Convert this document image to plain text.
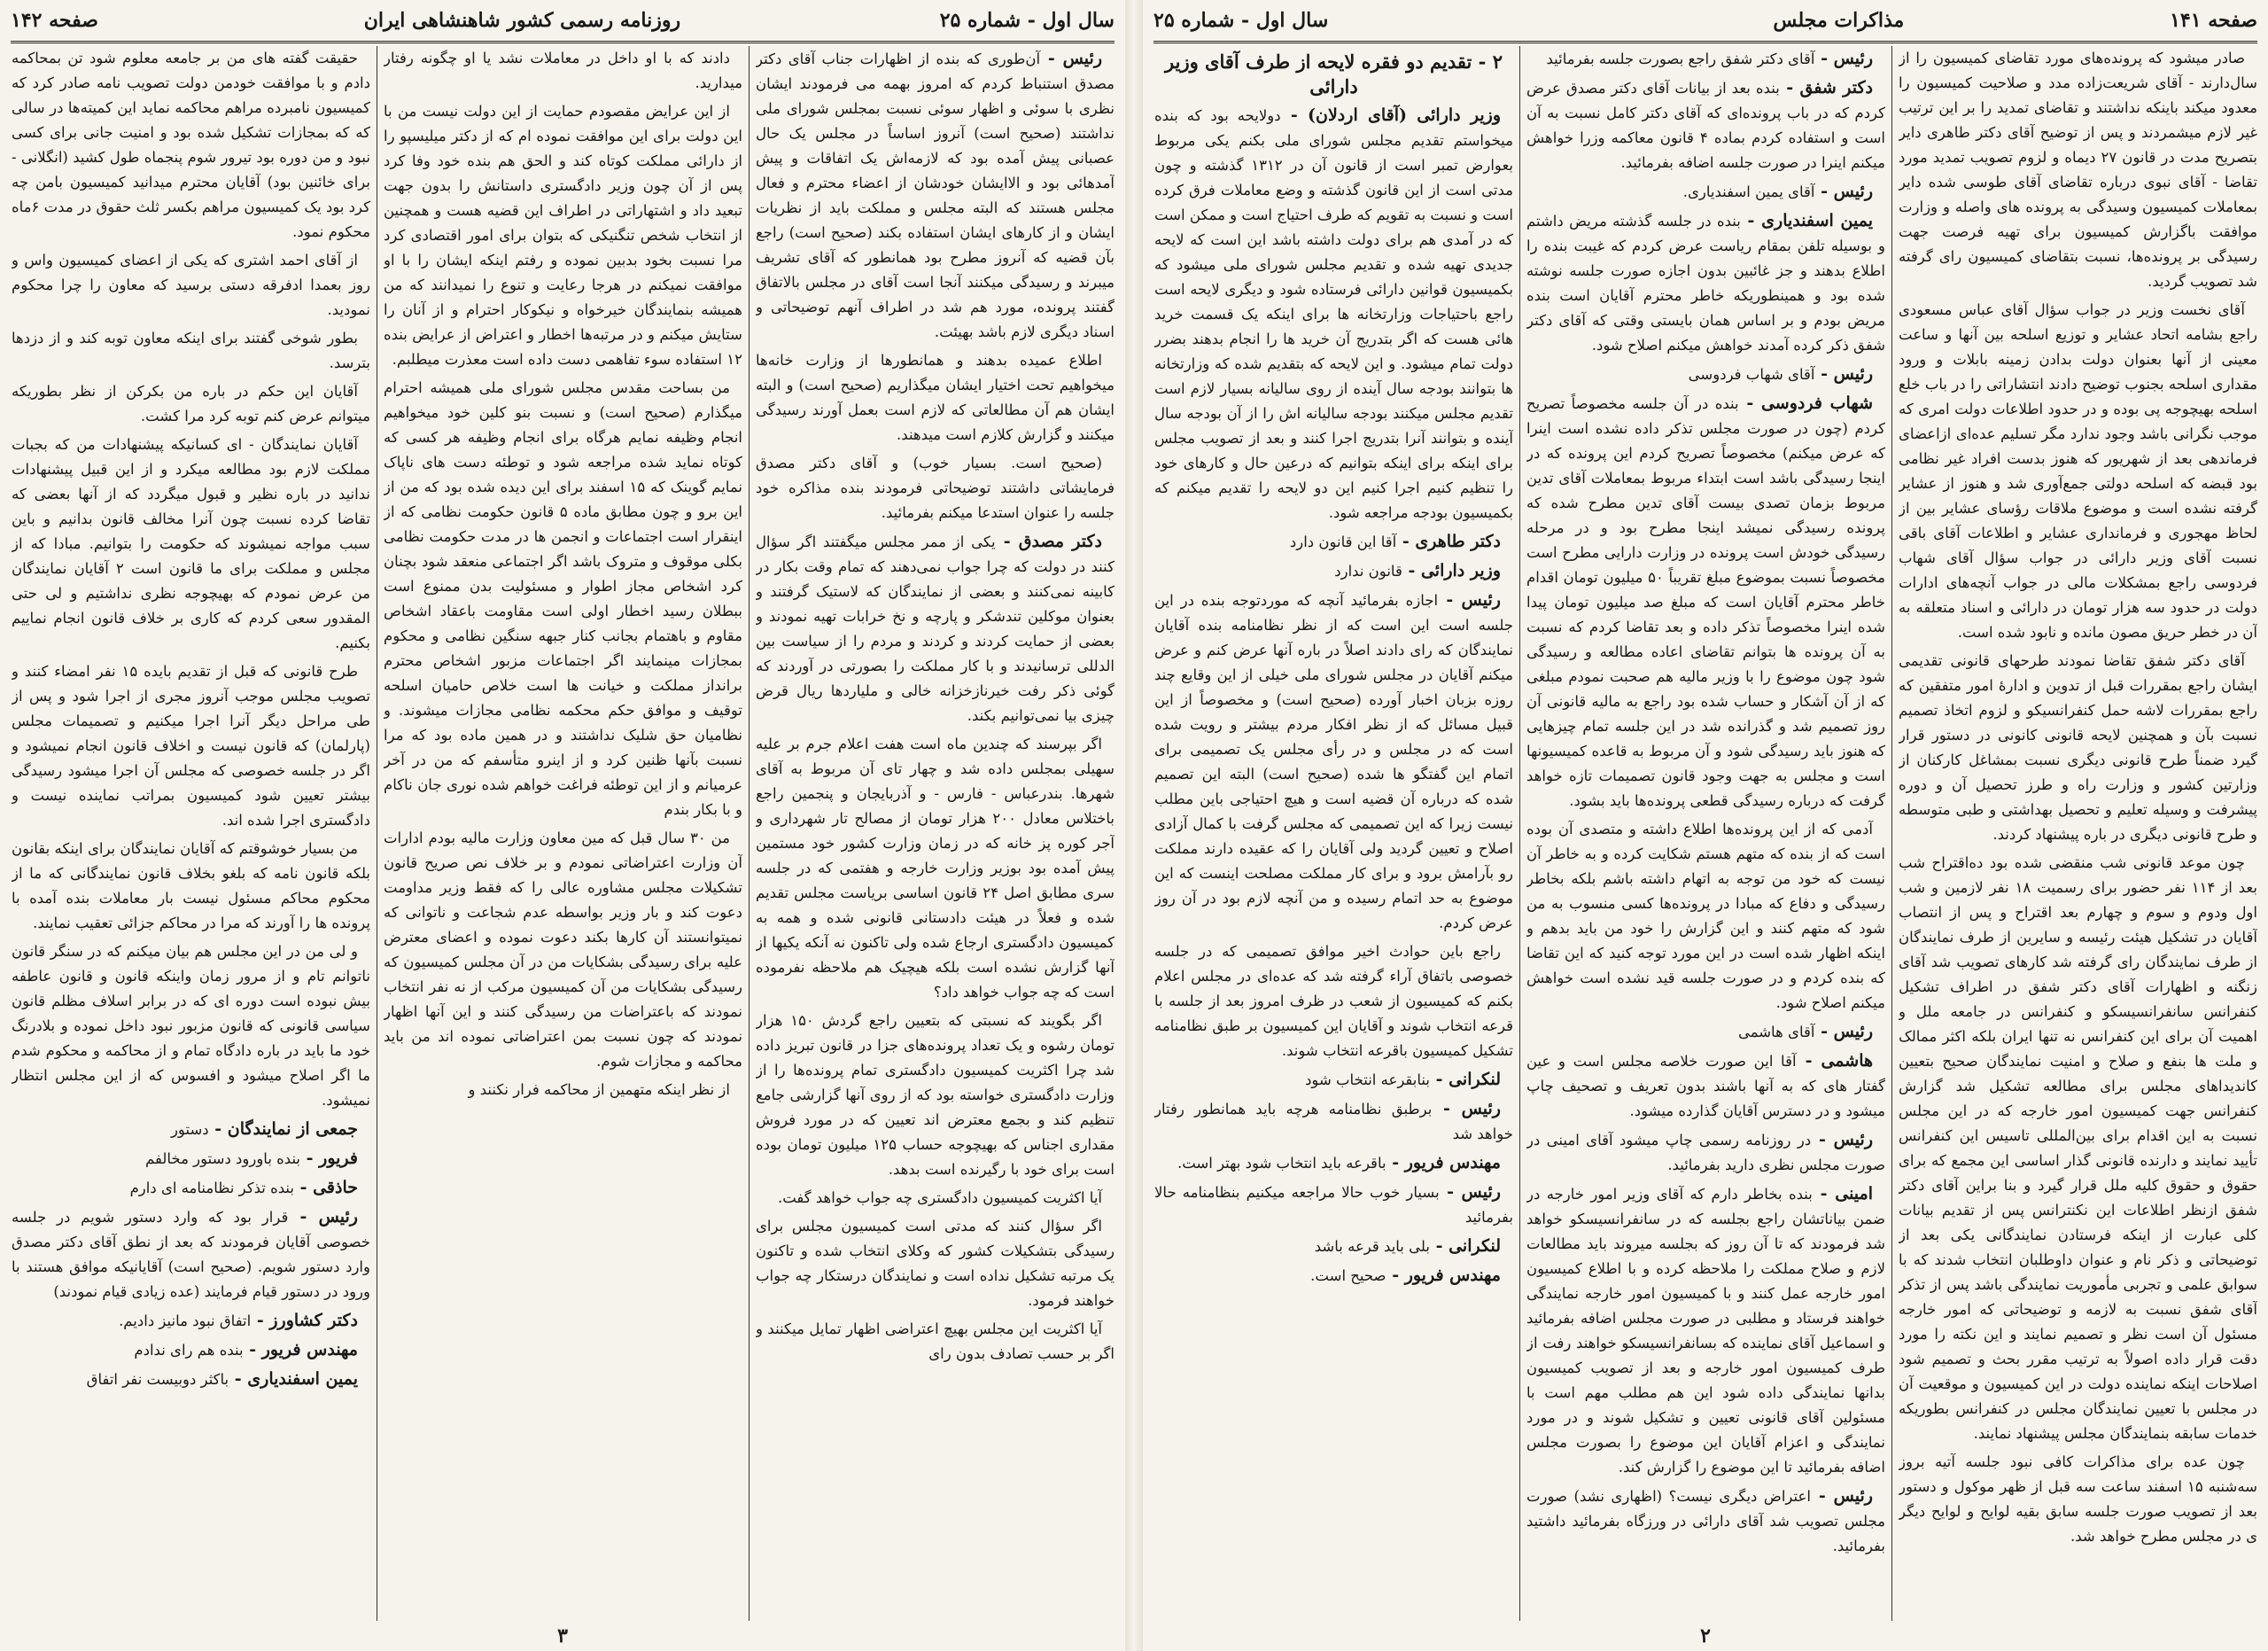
سال اول - شماره ۲۵
روزنامه رسمی کشور شاهنشاهی ایران
صفحه ۱۴۲

رئیس - آن‌طوری که بنده از اظهارات جناب آقای دکتر مصدق استنباط کردم که امروز بهمه می فرمودند ایشان نظری با سوئی و اظهار سوئی نسبت بمجلس شورای ملی نداشتند (صحیح است) آنروز اساساً در مجلس یک حال عصبانی پیش آمده بود که لازمه‌اش یک اتفاقات و پیش آمدهائی بود و الاایشان خودشان از اعضاء محترم و فعال مجلس هستند که البته مجلس و مملکت باید از نظریات ایشان و از کارهای ایشان استفاده بکند (صحیح است) راجع بآن قضیه که آنروز مطرح بود همانطور که آقای تشریف میبرند و رسیدگی میکنند آنجا است آقای در مجلس بالاتفاق گفتند پرونده، مورد هم شد در اطراف آنهم توضیحاتی و اسناد دیگری لازم باشد بهیئت.

اطلاع عمیده بدهند و همانطورها از وزارت خانه‌ها میخواهیم تحت اختیار ایشان میگذاریم (صحیح است) و البته ایشان هم آن مطالعاتی که لازم است بعمل آورند رسیدگی میکنند و گزارش کلازم است میدهند.

(صحیح است. بسیار خوب) و آقای دکتر مصدق فرمایشاتی داشتند توضیحاتی فرمودند بنده مذاکره خود جلسه را عنوان استدعا میکنم بفرمائید.

دکتر مصدق - یکی از ممر مجلس میگفتند اگر سؤال کنند در دولت که چرا جواب نمی‌دهند که تمام وقت بکار در کابینه نمی‌کنند و بعضی از نمایندگان که لاستیک گرفتند و بعنوان موکلین تندشکر و پارچه و نخ خرابات تهیه نمودند و بعضی از حمایت کردند و کردند و مردم را از سیاست بین الدللی ترسانیدند و با کار مملکت را بصورتی در آوردند که گوئی ذکر رفت خیرنازخزانه خالی و ملیاردها ریال قرض چیزی بیا نمی‌توانیم بکند.

اگر بپرسند که چندین ماه است هفت اعلام جرم بر علیه سهیلی بمجلس داده شد و چهار تای آن مربوط به آقای شهرها. بندرعباس - فارس - و آذربایجان و پنجمین راجع باختلاس معادل ۲۰۰ هزار تومان از مصالح تار شهرداری و آجر کوره پز خانه که در زمان وزارت کشور خود مستمین پیش آمده بود بوزیر وزارت خارجه و هفتمی که در جلسه سری مطابق اصل ۲۴ قانون اساسی بریاست مجلس تقدیم شده و فعلاً در هیئت دادستانی قانونی شده و همه به کمیسیون دادگستری ارجاع شده ولی تاکنون نه آنکه یکیها از آنها گزارش نشده است بلکه هیچیک هم ملاحظه نفرموده است که چه جواب خواهد داد؟

اگر بگویند که نسبتی که بتعیین راجع گردش ۱۵۰ هزار تومان رشوه و یک تعداد پرونده‌های جزا در قانون تبریز داده شد چرا اکثریت کمیسیون دادگستری تمام پرونده‌ها را از وزارت دادگستری خواسته بود که از روی آنها گزارشی جامع تنظیم کند و بجمع معترض اند تعیین که در مورد فروش مقداری اجناس که بهیچوجه حساب ۱۲۵ میلیون تومان بوده است برای خود با رگیرنده است بدهد.

آیا اکثریت کمیسیون دادگستری چه جواب خواهد گفت.

اگر سؤال کنند که مدتی است کمیسیون مجلس برای رسیدگی بتشکیلات کشور که وکلای انتخاب شده و تاکنون یک مرتبه تشکیل نداده است و نمایندگان درستکار چه جواب خواهند فرمود.

آیا اکثریت این مجلس بهیچ اعتراضی اظهار تمایل میکنند و اگر بر حسب تصادف بدون رای

دادند که با او داخل در معاملات نشد یا او چگونه رفتار میدارید.

از این عرایض مقصودم حمایت از این دولت نیست من با این دولت برای این موافقت نموده ام که از دکتر میلیسپو را از دارائی مملکت کوتاه کند و الحق هم بنده خود وفا کرد پس از آن چون وزیر دادگستری داستانش را بدون جهت تبعید داد و اشتهاراتی در اطراف این قضیه هست و همچنین از انتخاب شخص تنگنیکی که بتوان برای امور اقتصادی کرد مرا نسبت بخود بدبین نموده و رفتم اینکه ایشان را با او موافقت نمیکنم در هرجا رعایت و تنوع را نمیدانند که من همیشه بنمایندگان خیرخواه و نیکوکار احترام و از آنان را ستایش میکنم و در مرتبه‌ها اخطار و اعتراض از عرایض بنده ۱۲ استفاده سوء تفاهمی دست داده است معذرت میطلبم.

من بساحت مقدس مجلس شورای ملی همیشه احترام میگذارم (صحیح است) و نسبت بنو کلین خود میخواهیم انجام وظیفه نمایم هرگاه برای انجام وظیفه هر کسی که کوتاه نماید شده مراجعه شود و توطئه دست های ناپاک نمایم گوینک که ۱۵ اسفند برای این دیده شده بود که من از این برو و چون مطابق ماده ۵ قانون حکومت نظامی که از اینقرار است اجتماعات و انجمن ها در مدت حکومت نظامی بکلی موقوف و متروک باشد اگر اجتماعی منعقد شود بچنان کرد اشخاص مجاز اطوار و مسئولیت بدن ممنوع است ببطلان رسید اخطار اولی است مقاومت باعقاد اشخاص مقاوم و باهتمام بجانب کنار جبهه سنگین نظامی و محکوم بمجازات مینمایند اگر اجتماعات مزبور اشخاص محترم برانداز مملکت و خیانت ها است خلاص حامیان اسلحه توقیف و موافق حکم محکمه نظامی مجازات میشوند. و نظامیان حق شلیک نداشتند و در همین ماده بود که مرا نسبت بآنها ظنین کرد و از اینرو متأسفم که من در آخر عرمیانم و از این توطئه فراغت خواهم شده نوری جان ناکام و با بکار بندم

من ۳۰ سال قبل که مین معاون وزارت مالیه بودم ادارات آن وزارت اعتراضاتی نمودم و بر خلاف نص صریح قانون تشکیلات مجلس مشاوره عالی را که فقط وزیر مداومت دعوت کند و بار وزیر بواسطه عدم شجاعت و ناتوانی که نمیتوانستند آن کارها بکند دعوت نموده و اعضای معترض علیه برای رسیدگی بشکایات من در آن مجلس کمیسیون که رسیدگی بشکایات من آن کمیسیون مرکب از نه نفر انتخاب نمودند که باعتراضات من رسیدگی کنند و این آنها اظهار نمودند که چون نسبت بمن اعتراضاتی نموده اند من باید محاکمه و مجازات شوم.

از نظر اینکه متهمین از محاکمه فرار نکنند و

حقیقت گفته های من بر جامعه معلوم شود تن بمحاکمه دادم و با موافقت خودمن دولت تصویب نامه صادر کرد که کمیسیون نامبرده مراهم محاکمه نماید این کمیته‌ها در سالی که که بمجازات تشکیل شده بود و امنیت جانی برای کسی نبود و من دوره بود تیرور شوم پنجماه طول کشید (انگلانی - برای خائنین بود) آقایان محترم میدانید کمیسیون بامن چه کرد بود یک کمیسیون مراهم بکسر ثلث حقوق در مدت ۶ماه محکوم نمود.

از آقای احمد اشتری که یکی از اعضای کمیسیون واس و روز بعمدا ادفرقه دستی برسید که معاون را چرا محکوم نمودید.

بطور شوخی گفتند برای اینکه معاون توبه کند و از دزدها بترسد.

آقایان این حکم در باره من بکرکن از نظر بطوریکه میتوانم عرض کنم توبه کرد مرا کشت.

آقایان نمایندگان - ای کسانیکه پیشنهادات من که بجبات مملکت لازم بود مطالعه میکرد و از این قبیل پیشنهادات ندانید در باره نظیر و قبول میگردد که از آنها بعضی که تقاضا کرده نسبت چون آنرا مخالف قانون بدانیم و باین سبب مواجه نمیشوند که حکومت را بتوانیم. مبادا که از مجلس و مملکت برای ما قانون است ۲ آقایان نمایندگان من عرض نمودم که بهیچوجه نظری نداشتیم و لی حتی المقدور سعی کردم که کاری بر خلاف قانون انجام نماییم بکنیم.

طرح قانونی که قبل از تقدیم بایده ۱۵ نفر امضاء کنند و تصویب مجلس موجب آنروز مجری از اجرا شود و پس از طی مراحل دیگر آنرا اجرا میکنیم و تصمیمات مجلس (پارلمان) که قانون نیست و اخلاف قانون انجام نمیشود و اگر در جلسه خصوصی که مجلس آن اجرا میشود رسیدگی بیشتر تعیین شود کمیسیون بمراتب نماینده نیست و دادگستری اجرا شده اند.

من بسیار خوشوقتم که آقایان نمایندگان برای اینکه بقانون بلکه قانون نامه که بلغو بخلاف قانون نمایندگانی که ما از محکوم محاکم مسئول نیست بار معاملات بنده آمده با پرونده ها را آورند که مرا در محاکم جزائی تعقیب نمایند.

و لی من در این مجلس هم بیان میکنم که در سنگر قانون ناتوانم تام و از مرور زمان واینکه قانون و قانون عاطفه بیش نبوده است دوره ای که در برابر اسلاف مظلم قانون سیاسی قانونی که قانون مزبور نبود داخل نموده و بلادرنگ خود ما باید در باره دادگاه تمام و از محاکمه و محکوم شدم ما اگر اصلاح میشود و افسوس که از این مجلس انتظار نمیشود.

جمعی از نمایندگان - دستور

فریور - بنده باورود دستور مخالفم

حاذقی - بنده تذکر نظامنامه ای دارم

رئیس - قرار بود که وارد دستور شویم در جلسه خصوصی آقایان فرمودند که بعد از نطق آقای دکتر مصدق وارد دستور شویم. (صحیح است) آقایانیکه موافق هستند با ورود در دستور قیام فرمایند (عده زیادی قیام نمودند)

دکتر کشاورز - اتفاق نبود مانیز دادیم.

مهندس فریور - بنده هم رای ندادم

یمین اسفندیاری - باکثر دوبیست نفر اتفاق

۳
صفحه ۱۴۱
مذاکرات مجلس
سال اول - شماره ۲۵

صادر میشود که پرونده‌های مورد تقاضای کمیسیون را از سال‌دارند - آقای شریعت‌زاده مدد و صلاحیت کمیسیون را معدود میکند باینکه نداشتند و تقاضای تمدید را بر این ترتیب غیر لازم میشمردند و پس از توضیح آقای دکتر طاهری دایر بتصریح مدت در قانون ۲۷ دیماه و لزوم تصویب تمدید مورد تقاضا - آقای نبوی درباره تقاضای آقای طوسی شده دایر بمعاملات کمیسیون وسیدگی به پرونده های واصله و وزارت موافقت باگزارش کمیسیون برای تهیه فرصت جهت رسیدگی بر پرونده‌ها، نسبت بتقاضای کمیسیون رای گرفته شد تصویب گردید.

آقای نخست وزیر در جواب سؤال آقای عباس مسعودی راجع بشامه اتحاد عشایر و توزیع اسلحه بین آنها و ساعت معینی از آنها بعنوان دولت بدادن زمینه بابلات و ورود مقداری اسلحه بجنوب توضیح دادند انتشاراتی را در باب خلع اسلحه بهیچوجه پی بوده و در حدود اطلاعات دولت امری که موجب نگرانی باشد وجود ندارد مگر تسلیم عده‌ای ازاعضای فرماندهی بعد از شهریور که هنوز بدست افراد غیر نظامی بود قبضه که اسلحه دولتی جمع‌آوری شد و هنوز از عشایر گرفته نشده است و موضوع ملاقات رؤسای عشایر بین از لحاظ مهجوری و فرمانداری عشایر و اطلاعات آقای باقی نسبت آقای وزیر دارائی در جواب سؤال آقای شهاب فردوسی راجع بمشکلات مالی در جواب آنچه‌های ادارات دولت در حدود سه هزار تومان در دارائی و اسناد متعلقه به آن در خطر حریق مصون مانده و نابود شده است.

آقای دکتر شفق تقاضا نمودند طرحهای قانونی تقدیمی ایشان راجع بمقررات قبل از تدوین و ادارهٔ امور متفقین که راجع بمقررات لاشه حمل کنفرانسیکو و لزوم اتخاذ تصمیم نسبت بآن و همچنین لایحه قانونی کانونی در دستور قرار گیرد ضمناً طرح قانونی دیگری نسبت بمشاغل کارکنان از وزارتین کشور و وزارت راه و طرز تحصیل آن و دوره پیشرفت و وسیله تعلیم و تحصیل بهداشتی و طبی متوسطه و طرح قانونی دیگری در باره پیشنهاد کردند.

چون موعد قانونی شب منقضی شده بود ده‌اقتراح شب بعد از ۱۱۴ نفر حضور برای رسمیت ۱۸ نفر لازمین و شب اول ودوم و سوم و چهارم بعد اقتراح و پس از انتصاب آقایان در تشکیل هیئت رئیسه و سایرین از طرف نمایندگان از طرف نمایندگان رای گرفته شد کارهای تصویب شد آقای زنگنه و اظهارات آقای دکتر شفق در اطراف تشکیل کنفرانس سانفرانسیسکو و کنفرانس در جامعه ملل و اهمیت آن برای این کنفرانس نه تنها ایران بلکه اکثر ممالک و ملت ها بنفع و صلاح و امنیت نمایندگان صحیح بتعیین کاندیداهای مجلس برای مطالعه تشکیل شد گزارش کنفرانس جهت کمیسیون امور خارجه که در این مجلس نسبت به این اقدام برای بین‌المللی تاسیس این کنفرانس تأیید نمایند و دارنده قانونی گذار اساسی این مجمع که برای حقوق و حقوق کلیه ملل قرار گیرد و بنا براین آقای دکتر شفق ازنظر اطلاعات این نکنترانس پس از تقدیم بیانات کلی عبارت از اینکه فرستادن نمایندگانی یکی بعد از توضیحاتی و ذکر نام و عنوان داوطلبان انتخاب شدند که با سوابق علمی و تجربی مأموریت نمایندگی باشد پس از تذکر آقای شفق نسبت به لازمه و توضیحاتی که امور خارجه مسئول آن است نظر و تصمیم نمایند و این نکته را مورد دقت قرار داده اصولاً به ترتیب مقرر بحث و تصمیم شود اصلاحات اینکه نماینده دولت در این کمیسیون و موقعیت آن در مجلس با تعیین نمایندگان مجلس در کنفرانس بطوریکه خدمات سابقه بنمایندگان مجلس پیشنهاد نمایند.

چون عده برای مذاکرات کافی نبود جلسه آتیه بروز سه‌شنبه ۱۵ اسفند ساعت سه قبل از ظهر موکول و دستور بعد از تصویب صورت جلسه سابق بقیه لوایح و لوایح دیگر ی در مجلس مطرح خواهد شد.

رئیس - آقای دکتر شفق راجع بصورت جلسه بفرمائید

دکتر شفق - بنده بعد از بیانات آقای دکتر مصدق عرض کردم که در باب پرونده‌ای که آقای دکتر کامل نسبت به آن است و استفاده کردم بماده ۴ قانون معاکمه وزرا خواهش میکنم اینرا در صورت جلسه اضافه بفرمائید.

رئیس - آقای یمین اسفندیاری.

یمین اسفندیاری - بنده در جلسه گذشته مریض داشتم و بوسیله تلفن بمقام ریاست عرض کردم که غیبت بنده را اطلاع بدهند و جز غائبین بدون اجازه صورت جلسه نوشته شده بود و همینطوریکه خاطر محترم آقایان است بنده مریض بودم و بر اساس همان بایستی وقتی که آقای دکتر شفق ذکر کرده آمدند خواهش میکنم اصلاح شود.

رئیس - آقای شهاب فردوسی

شهاب فردوسی - بنده در آن جلسه مخصوصاً تصریح کردم (چون در صورت مجلس تذکر داده نشده است اینرا که عرض میکنم) مخصوصاً تصریح کردم این پرونده که در اینجا رسیدگی باشد است ابتداء مربوط بمعاملات آقای تدین مربوط بزمان تصدی بیست آقای تدین مطرح شده که پرونده رسیدگی نمیشد اینجا مطرح بود و در مرحله رسیدگی خودش است پرونده در وزارت دارایی مطرح است مخصوصاً نسبت بموضوع مبلغ تقریباً ۵۰ میلیون تومان اقدام خاطر محترم آقایان است که مبلغ صد میلیون تومان پیدا شده اینرا مخصوصاً تذکر داده و بعد تقاضا کردم که نسبت به آن پرونده ها بتوانم تقاضای اعاده مطالعه و رسیدگی شود چون موضوع را با وزیر مالیه هم صحبت نمودم مبلغی که از آن آشکار و حساب شده بود راجع به مالیه قانونی آن روز تصمیم شد و گذرانده شد در این جلسه تمام چیزهایی که هنوز باید رسیدگی شود و آن مربوط به قاعده کمیسیونها است و مجلس به جهت وجود قانون تصمیمات تازه خواهد گرفت که درباره رسیدگی قطعی پرونده‌ها باید بشود.

آدمی که از این پرونده‌ها اطلاع داشته و متصدی آن بوده است که از بنده که متهم هستم شکایت کرده و به خاطر آن نیست که خود من توجه به اتهام داشته باشم بلکه بخاطر رسیدگی و دفاع که مبادا در پرونده‌ها کسی منسوب به من شود که متهم کنند و این گزارش را خود من باید بدهم و اینکه اظهار شده است در این مورد توجه کنید که این تقاضا که بنده کردم و در صورت جلسه قید نشده است خواهش میکنم اصلاح شود.

رئیس - آقای هاشمی

هاشمی - آقا این صورت خلاصه مجلس است و عین گفتار های که به آنها باشند بدون تعریف و تصحیف چاپ میشود و در دسترس آقایان گذارده میشود.

رئیس - در روزنامه رسمی چاپ میشود آقای امینی در صورت مجلس نظری دارید بفرمائید.

امینی - بنده بخاطر دارم که آقای وزیر امور خارجه در ضمن بیاناتشان راجع بجلسه که در سانفرانسیسکو خواهد شد فرمودند که تا آن روز که بجلسه میروند باید مطالعات لازم و صلاح مملکت را ملاحظه کرده و با اطلاع کمیسیون امور خارجه عمل کنند و با کمیسیون امور خارجه نمایندگی خواهند فرستاد و مطلبی در صورت مجلس اضافه بفرمائید و اسماعیل آقای نماینده که بسانفرانسیسکو خواهند رفت از طرف کمیسیون امور خارجه و بعد از تصویب کمیسیون بدانها نمایندگی داده شود این هم مطلب مهم است با مسئولین آقای قانونی تعیین و تشکیل شوند و در مورد نمایندگی و اعزام آقایان این موضوع را بصورت مجلس اضافه بفرمائید تا این موضوع را گزارش کند.

رئیس - اعتراض دیگری نیست؟ (اظهاری نشد) صورت مجلس تصویب شد آقای دارائی در ورزگاه بفرمائید داشتید بفرمائید.

۲ - تقدیم دو فقره لایحه از طرف آقای وزیر دارائی

وزیر دارائی (آقای اردلان) - دولایحه بود که بنده میخواستم تقدیم مجلس شورای ملی بکنم یکی مربوط بعوارض تمبر است از قانون آن در ۱۳۱۲ گذشته و چون مدتی است از این قانون گذشته و وضع معاملات فرق کرده است و نسبت به تقویم که طرف احتیاج است و ممکن است که در آمدی هم برای دولت داشته باشد این است که لایحه جدیدی تهیه شده و تقدیم مجلس شورای ملی میشود که بکمیسیون قوانین دارائی فرستاده شود و دیگری لایحه است راجع باحتیاجات وزارتخانه ها برای اینکه یک قسمت خرید هائی هست که اگر بتدریج آن خرید ها را انجام بدهند بضرر دولت تمام میشود. و این لایحه که بتقدیم شده که وزارتخانه ها بتوانند بودجه سال آینده از روی سالیانه بسیار لازم است تقدیم مجلس میکنند بودجه سالیانه اش را از آن بودجه سال آینده و بتوانند آنرا بتدریج اجرا کنند و بعد از تصویب مجلس برای اینکه برای اینکه بتوانیم که درعین حال و کارهای خود را تنظیم کنیم اجرا کنیم این دو لایحه را تقدیم میکنم که بکمیسیون بودجه مراجعه شود.

دکتر طاهری - آقا این قانون دارد

وزیر دارائی - قانون ندارد

رئیس - اجازه بفرمائید آنچه که موردتوجه بنده در این جلسه است این است که از نظر نظامنامه بنده آقایان نمایندگان که رای دادند اصلاً در باره آنها عرض کنم و عرض میکنم آقایان در مجلس شورای ملی خیلی از این وقایع چند روزه بزبان اخبار آورده (صحیح است) و مخصوصاً از این قبیل مسائل که از نظر افکار مردم بیشتر و رویت شده است که در مجلس و در رأی مجلس یک تصمیمی برای اتمام این گفتگو ها شده (صحیح است) البته این تصمیم شده که درباره آن قضیه است و هیچ احتیاجی باین مطلب نیست زیرا که این تصمیمی که مجلس گرفت با کمال آزادی اصلاح و تعیین گردید ولی آقایان را که عقیده دارند مملکت رو بآرامش برود و برای کار مملکت مصلحت اینست که این موضوع به حد اتمام رسیده و من آنچه لازم بود در آن روز عرض کردم.

راجع باین حوادث اخیر موافق تصمیمی که در جلسه خصوصی باتفاق آراء گرفته شد که عده‌ای در مجلس اعلام بکنم که کمیسیون از شعب در ظرف امروز بعد از جلسه با قرعه انتخاب شوند و آقایان این کمیسیون بر طبق نظامنامه تشکیل کمیسیون باقرعه انتخاب شوند.

لنکرانی - بنابقرعه انتخاب شود

رئیس - برطبق نظامنامه هرچه باید همانطور رفتار خواهد شد

مهندس فریور - باقرعه باید انتخاب شود بهتر است.

رئیس - بسیار خوب حالا مراجعه میکنیم بنظامنامه حالا بفرمائید

لنکرانی - بلی باید قرعه باشد

مهندس فریور - صحیح است.

۲
